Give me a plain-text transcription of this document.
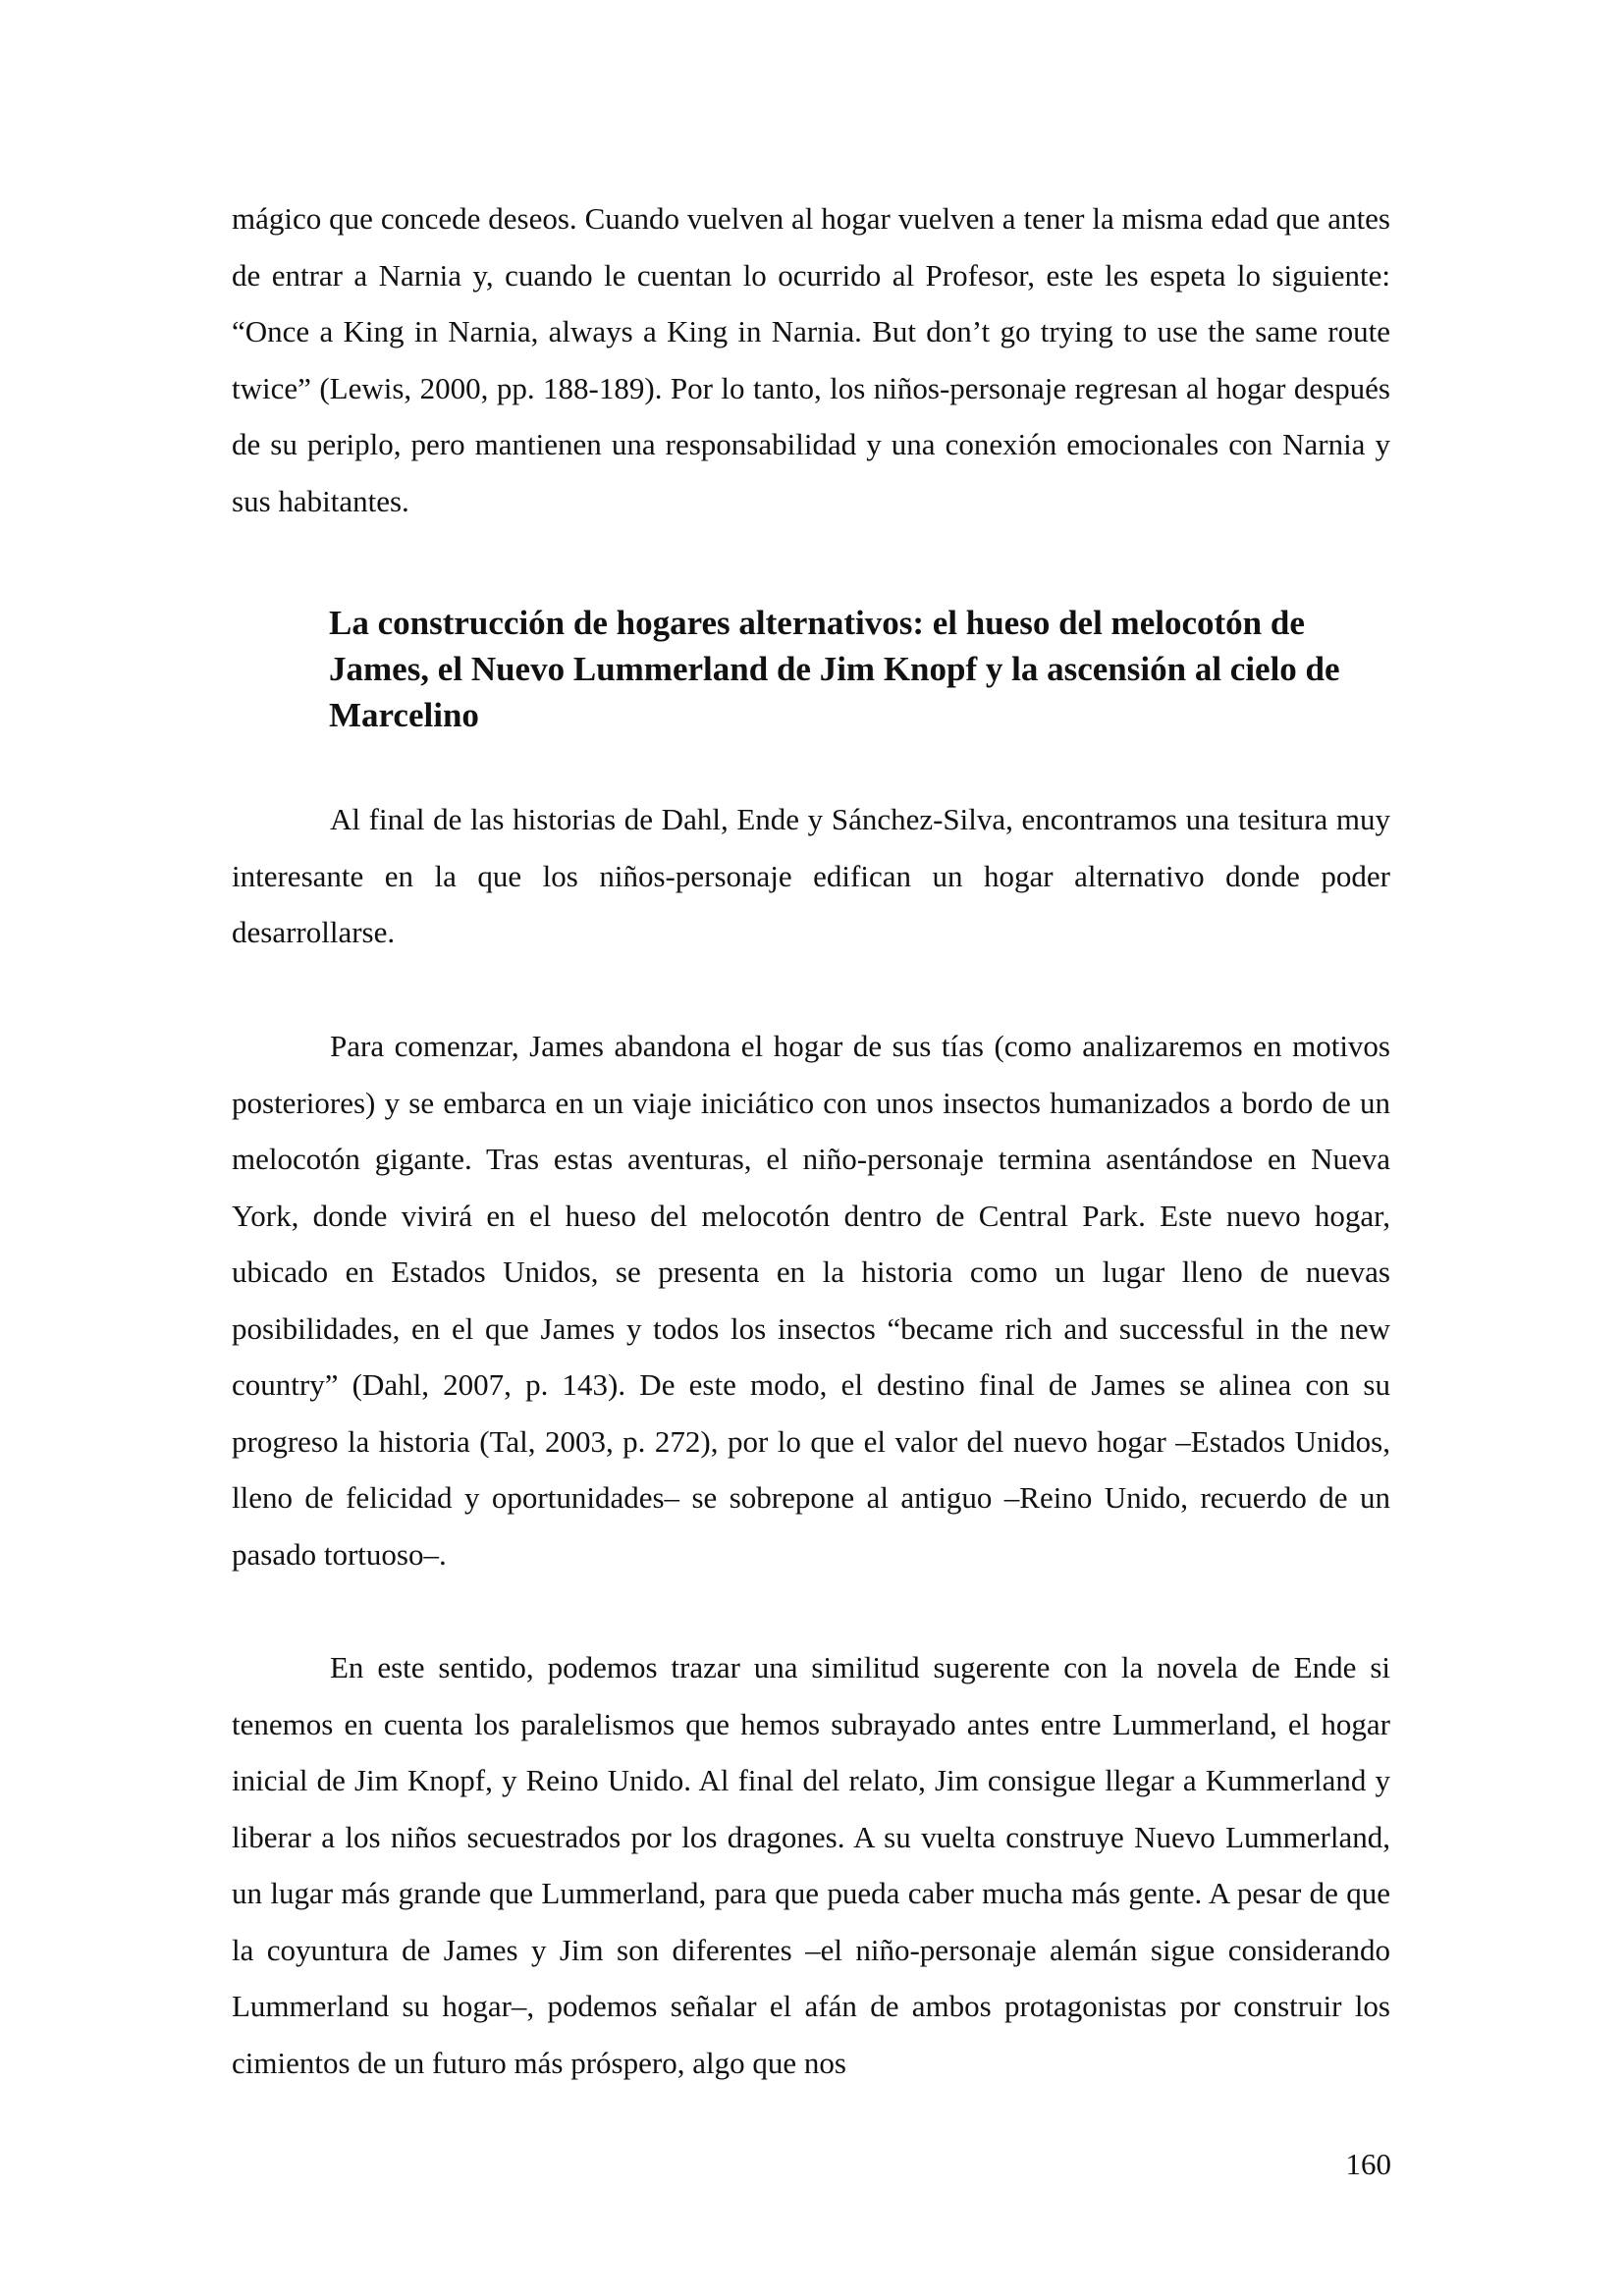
mágico que concede deseos. Cuando vuelven al hogar vuelven a tener la misma edad que antes de entrar a Narnia y, cuando le cuentan lo ocurrido al Profesor, este les espeta lo siguiente: “Once a King in Narnia, always a King in Narnia. But don’t go trying to use the same route twice” (Lewis, 2000, pp. 188-189). Por lo tanto, los niños-personaje regresan al hogar después de su periplo, pero mantienen una responsabilidad y una conexión emocionales con Narnia y sus habitantes.

La construcción de hogares alternativos: el hueso del melocotón de James, el Nuevo Lummerland de Jim Knopf y la ascensión al cielo de Marcelino

Al final de las historias de Dahl, Ende y Sánchez-Silva, encontramos una tesitura muy interesante en la que los niños-personaje edifican un hogar alternativo donde poder desarrollarse.

Para comenzar, James abandona el hogar de sus tías (como analizaremos en motivos posteriores) y se embarca en un viaje iniciático con unos insectos humanizados a bordo de un melocotón gigante. Tras estas aventuras, el niño-personaje termina asentándose en Nueva York, donde vivirá en el hueso del melocotón dentro de Central Park. Este nuevo hogar, ubicado en Estados Unidos, se presenta en la historia como un lugar lleno de nuevas posibilidades, en el que James y todos los insectos “became rich and successful in the new country” (Dahl, 2007, p. 143). De este modo, el destino final de James se alinea con su progreso la historia (Tal, 2003, p. 272), por lo que el valor del nuevo hogar –Estados Unidos, lleno de felicidad y oportunidades– se sobrepone al antiguo –Reino Unido, recuerdo de un pasado tortuoso–.

En este sentido, podemos trazar una similitud sugerente con la novela de Ende si tenemos en cuenta los paralelismos que hemos subrayado antes entre Lummerland, el hogar inicial de Jim Knopf, y Reino Unido. Al final del relato, Jim consigue llegar a Kummerland y liberar a los niños secuestrados por los dragones. A su vuelta construye Nuevo Lummerland, un lugar más grande que Lummerland, para que pueda caber mucha más gente. A pesar de que la coyuntura de James y Jim son diferentes –el niño-personaje alemán sigue considerando Lummerland su hogar–, podemos señalar el afán de ambos protagonistas por construir los cimientos de un futuro más próspero, algo que nos

160
